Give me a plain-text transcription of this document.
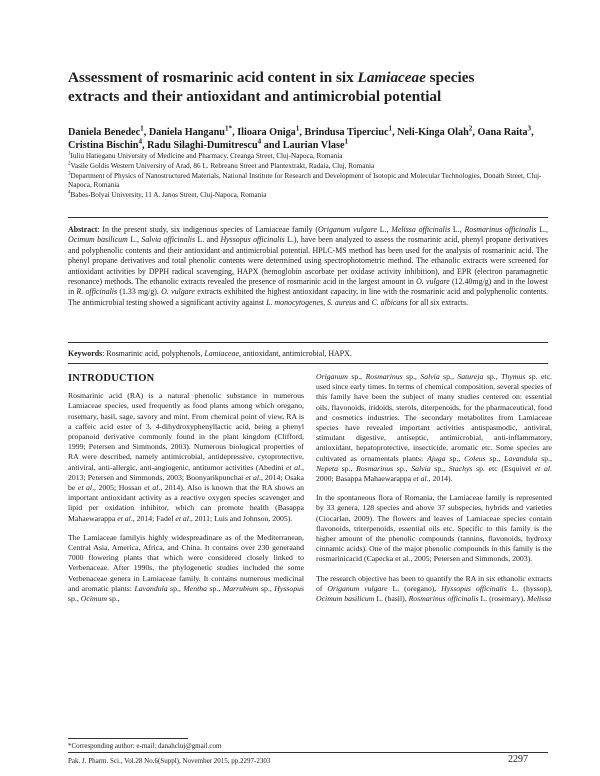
Assessment of rosmarinic acid content in six Lamiaceae species
extracts and their antioxidant and antimicrobial potential
Daniela Benedec$^1$, Daniela Hanganu$^{1*}$, Ilioara Oniga$^1$, Brindusa Tiperciuc$^1$, Neli-Kinga Olah$^2$, Oana Raita$^3$, Cristina Bischin$^4$, Radu Silaghi-Dumitrescu$^4$ and Laurian Vlase$^1$
$^1$Iuliu Hatieganu University of Medicine and Pharmacy, Creanga Street, Cluj-Napoca, Romania
$^2$Vasile Goldis Western University of Arad, 86 L. Rebreanu Street and Plantextrakt, Radaia, Cluj, Romania
$^3$Department of Physics of Nanostructured Materials, National Institute for Research and Development of Isotopic and Molecular Technologies, Donath Street, Cluj-Napoca, Romania
$^4$Babes-Bolyai University, 11 A. Janos Street, Cluj-Napoca, Romania
Abstract: In the present study, six indigenous species of Lamiaceae family (Origanum vulgare L., Melissa officinalis L., Rosmarinus officinalis L., Ocimum basilicum L., Salvia officinalis L. and Hyssopus officinalis L.), have been analyzed to assess the rosmarinic acid, phenyl propane derivatives and polyphenolic contents and their antioxidant and antimicrobial potential. HPLC-MS method has been used for the analysis of rosmarinic acid. The phenyl propane derivatives and total phenolic contents were determined using spectrophotometric method. The ethanolic extracts were screened for antioxidant activities by DPPH radical scavenging, HAPX (hemoglobin ascorbate per oxidase activity inhibition), and EPR (electron paramagnetic resonance) methods. The ethanolic extracts revealed the presence of rosmarinic acid in the largest amount in O. vulgare (12.40mg/g) and in the lowest in R. officinalis (1.33 mg/g). O. vulgare extracts exhibited the highest antioxidant capacity, in line with the rosmarinic acid and polyphenolic contents. The antimicrobial testing showed a significant activity against L. monocytogenes, S. aureus and C. albicans for all six extracts.
Keywords: Rosmarinic acid, polyphenols, Lamiaceae, antioxidant, antimicrobial, HAPX.
INTRODUCTION

Rosmarinic acid (RA) is a natural phenolic substance in numerous Lamiaceae species, used frequently as food plants among which oregano, rosemary, basil, sage, savory and mint. From chemical point of view, RA is a caffeic acid ester of 3, 4-dihydroxyphenyllactic acid, being a phenyl propanoid derivative commonly found in the plant kingdom (Clifford, 1999; Petersen and Simmonds, 2003). Numerous biological properties of RA were described, namely antimicrobial, antidepressive, cytoprotective, antiviral, anti-allergic, anti-angiogenic, antitumor activities (Abedini et al., 2013; Petersen and Simmonds, 2003; Boonyarikpunchai et al., 2014; Osaka be et al., 2005; Hossan et al., 2014). Also is known that the RA shows an important antioxidant activity as a reactive oxygen species scavenger and lipid per oxidation inhibitor, which can promote health (Basappa Mahaewarappa et al., 2014; Fadel et al., 2011; Luis and Johnson, 2005).

The Lamiaceae familyis highly widespreadinare as of the Mediterranean, Central Asia, America, Africa, and China. It contains over 230 generaand 7000 flowering plants that which were considered closely linked to Verbenaceae. After 1990s, the phylogenetic studies included the some Verbenaceae genera in Lamiaceae family. It contains numerous medicinal and aromatic plants: Lavandula sp., Mentha sp., Marrubium sp., Hyssopus sp., Ocimum sp.,

Origanum sp., Rosmarinus sp., Salvia sp., Satureja sp., Thymus sp. etc. used since early times. In terms of chemical composition, several species of this family have been the subject of many studies centered on: essential oils, flavonoids, iridoids, sterols, diterpenoids, for the pharmaceutical, food and cosmetics industries. The secondary metabolites from Lamiaceae species have revealed important activities antispasmodic, antiviral, stimulant digestive, antiseptic, antimicrobial, anti-inflammatory, antioxidant, hepatoprotective, insecticide, aromatic etc. Some species are cultivated as ornamentals plants: Ajuga sp., Coleus sp., Lavandula sp., Nepeta sp., Rosmarinus sp., Salvia sp., Stachys sp. etc (Esquivel et al. 2000; Basappa Mahaewarappa et al., 2014).

In the spontaneous flora of Romania, the Lamiaceae family is represented by 33 genera, 128 species and above 37 subspecies, hybrids and varieties (Ciocarlan, 2009). The flowers and leaves of Lamiaceae species contain flavonoids, triterpenoids, essential oils etc. Specific to this family is the higher amount of the phenolic compounds (tannins, flavonoids, hydroxy cinnamic acids). One of the major phenolic compounds in this family is the rosmarinicacid (Capecka et al., 2005; Petersen and Simmonds, 2003).

The research objective has been to quantify the RA in six ethanolic extracts of Origanum vulgare L. (oregano), Hyssopus officinalis L. (hyssop), Ocimum basilicum L. (basil), Rosmarinus officinalis L. (rosemary), Melissa

*Corresponding author: e-mail: danahcluj@gmail.com
Pak. J. Pharm. Sci., Vol.28 No.6(Suppl), November 2015, pp.2297-2303	2297
